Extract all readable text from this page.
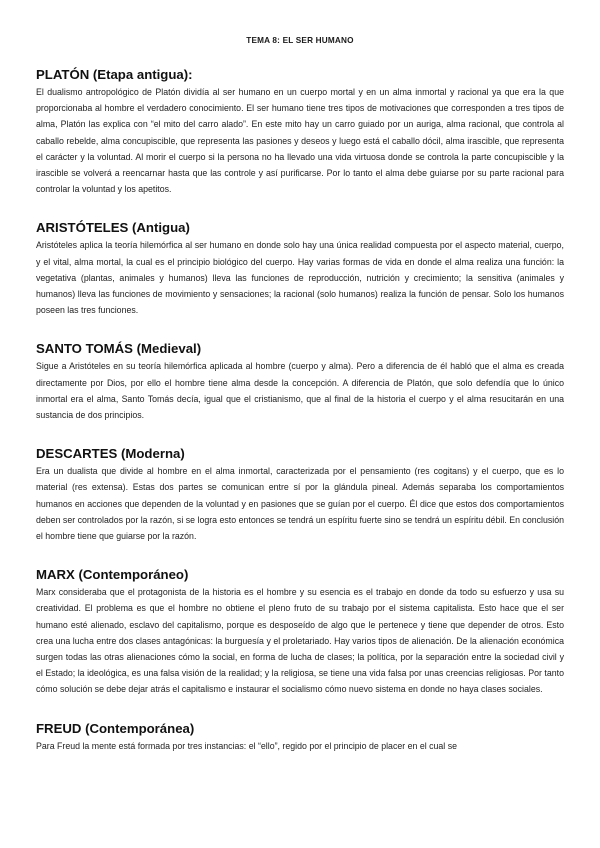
TEMA 8: EL SER HUMANO
PLATÓN (Etapa antigua):

El dualismo antropológico de Platón dividía al ser humano en un cuerpo mortal y en un alma inmortal y racional ya que era la que proporcionaba al hombre el verdadero conocimiento. El ser humano tiene tres tipos de motivaciones que corresponden a tres tipos de alma, Platón las explica con “el mito del carro alado”. En este mito hay un carro guiado por un auriga, alma racional, que controla al caballo rebelde, alma concupiscible, que representa las pasiones y deseos y luego está el caballo dócil, alma irascible, que representa el carácter y la voluntad. Al morir el cuerpo si la persona no ha llevado una vida virtuosa donde se controla la parte concupiscible y la irascible se volverá a reencarnar hasta que las controle y así purificarse. Por lo tanto el alma debe guiarse por su parte racional para controlar la voluntad y los apetitos.

ARISTÓTELES (Antigua)

Aristóteles aplica la teoría hilemórfica al ser humano en donde solo hay una única realidad compuesta por el aspecto material, cuerpo, y el vital, alma mortal, la cual es el principio biológico del cuerpo. Hay varias formas de vida en donde el alma realiza una función: la vegetativa (plantas, animales y humanos) lleva las funciones de reproducción, nutrición y crecimiento; la sensitiva (animales y humanos) lleva las funciones de movimiento y sensaciones; la racional (solo humanos) realiza la función de pensar. Solo los humanos poseen las tres funciones.

SANTO TOMÁS (Medieval)

Sigue a Aristóteles en su teoría hilemórfica aplicada al hombre (cuerpo y alma). Pero a diferencia de él habló que el alma es creada directamente por Dios, por ello el hombre tiene alma desde la concepción. A diferencia de Platón, que solo defendía que lo único inmortal era el alma, Santo Tomás decía, igual que el cristianismo, que al final de la historia el cuerpo y el alma resucitarán en una sustancia de dos principios.

DESCARTES (Moderna)

Era un dualista que divide al hombre en el alma inmortal, caracterizada por el pensamiento (res cogitans) y el cuerpo, que es lo material (res extensa). Estas dos partes se comunican entre sí por la glándula pineal. Además separaba los comportamientos humanos en acciones que dependen de la voluntad y en pasiones que se guían por el cuerpo. Él dice que estos dos comportamientos deben ser controlados por la razón, si se logra esto entonces se tendrá un espíritu fuerte sino se tendrá un espíritu débil. En conclusión el hombre tiene que guiarse por la razón.

MARX (Contemporáneo)

Marx consideraba que el protagonista de la historia es el hombre y su esencia es el trabajo en donde da todo su esfuerzo y usa su creatividad. El problema es que el hombre no obtiene el pleno fruto de su trabajo por el sistema capitalista. Esto hace que el ser humano esté alienado, esclavo del capitalismo, porque es desposeído de algo que le pertenece y tiene que depender de otros. Esto crea una lucha entre dos clases antagónicas: la burguesía y el proletariado. Hay varios tipos de alienación. De la alienación económica surgen todas las otras alienaciones cómo la social, en forma de lucha de clases; la política, por la separación entre la sociedad civil y el Estado; la ideológica, es una falsa visión de la realidad; y la religiosa, se tiene una vida falsa por unas creencias religiosas. Por tanto cómo solución se debe dejar atrás el capitalismo e instaurar el socialismo cómo nuevo sistema en donde no haya clases sociales.

FREUD (Contemporánea)

Para Freud la mente está formada por tres instancias: el “ello”, regido por el principio de placer en el cual se
